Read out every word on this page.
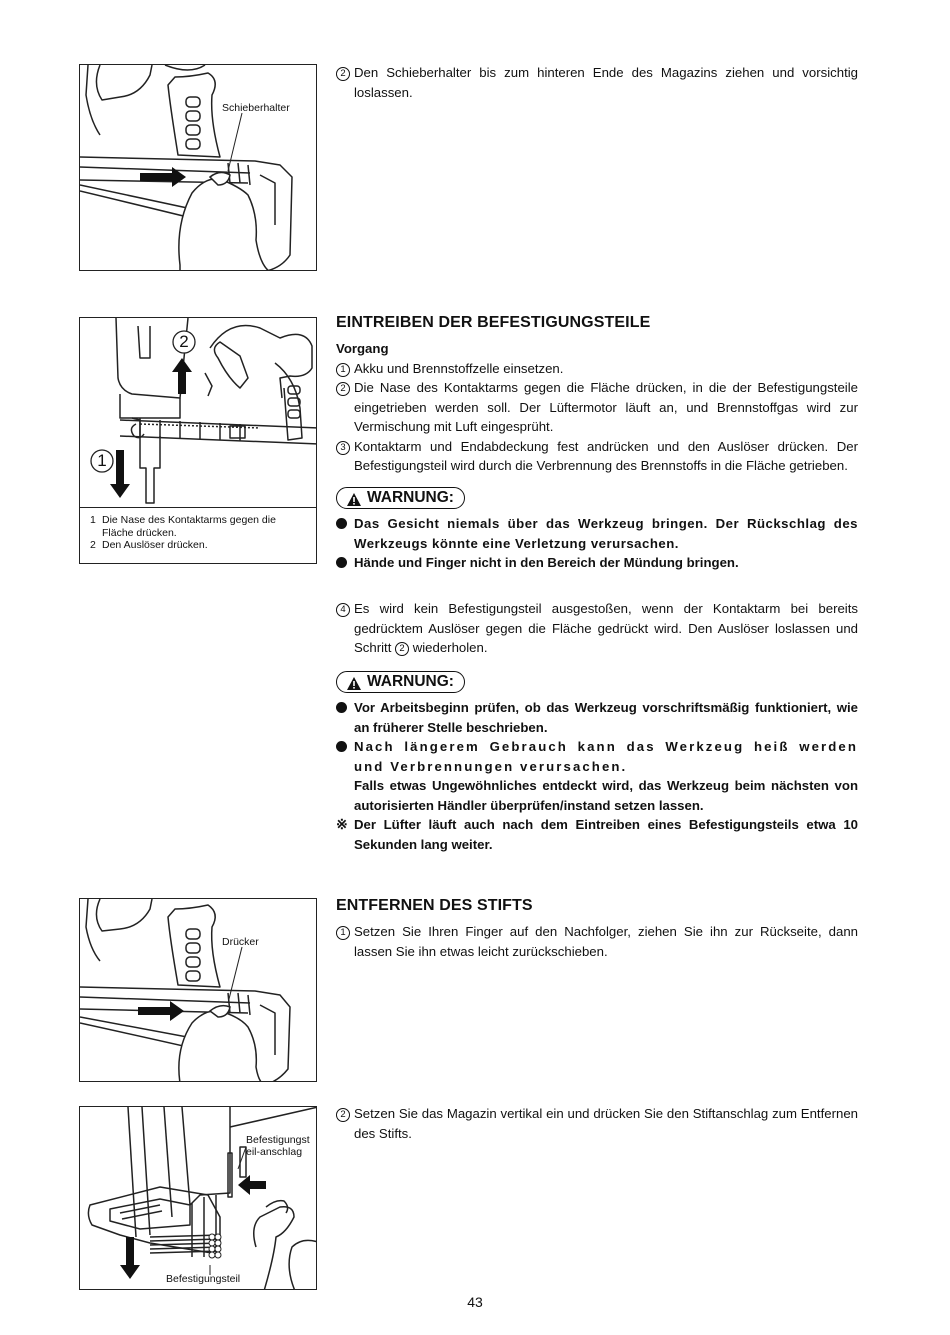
Schieberhalter
2 Den Schieberhalter bis zum hinteren Ende des Magazins ziehen und vorsichtig loslassen.
1
2
1 Die Nase des Kontaktarms gegen die Fläche drücken.
2 Den Auslöser drücken.
EINTREIBEN DER BEFESTIGUNGSTEILE
Vorgang
1 Akku und Brennstoffzelle einsetzen.
2 Die Nase des Kontaktarms gegen die Fläche drücken, in die der Befestigungsteile eingetrieben werden soll. Der Lüftermotor läuft an, und Brennstoffgas wird zur Vermischung mit Luft eingesprüht.
3 Kontaktarm und Endabdeckung fest andrücken und den Auslöser drücken. Der Befestigungsteil wird durch die Verbrennung des Brennstoffs in die Fläche getrieben.
WARNUNG:
Das Gesicht niemals über das Werkzeug bringen. Der Rückschlag des Werkzeugs könnte eine Verletzung verursachen.
Hände und Finger nicht in den Bereich der Mündung bringen.
4 Es wird kein Befestigungsteil ausgestoßen, wenn der Kontaktarm bei bereits gedrücktem Auslöser gegen die Fläche gedrückt wird. Den Auslöser loslassen und Schritt 2 wiederholen.
WARNUNG:
Vor Arbeitsbeginn prüfen, ob das Werkzeug vorschriftsmäßig funktioniert, wie an früherer Stelle beschrieben.
Nach längerem Gebrauch kann das Werkzeug heiß werden und Verbrennungen verursachen.
Falls etwas Ungewöhnliches entdeckt wird, das Werkzeug beim nächsten von autorisierten Händler überprüfen/instand setzen lassen.
※ Der Lüfter läuft auch nach dem Eintreiben eines Befestigungsteils etwa 10 Sekunden lang weiter.
Drücker
ENTFERNEN DES STIFTS
1 Setzen Sie Ihren Finger auf den Nachfolger, ziehen Sie ihn zur Rückseite, dann lassen Sie ihn etwas leicht zurückschieben.
Befestigungsteil-anschlag
Befestigungsteil
2 Setzen Sie das Magazin vertikal ein und drücken Sie den Stiftanschlag zum Entfernen des Stifts.
43
